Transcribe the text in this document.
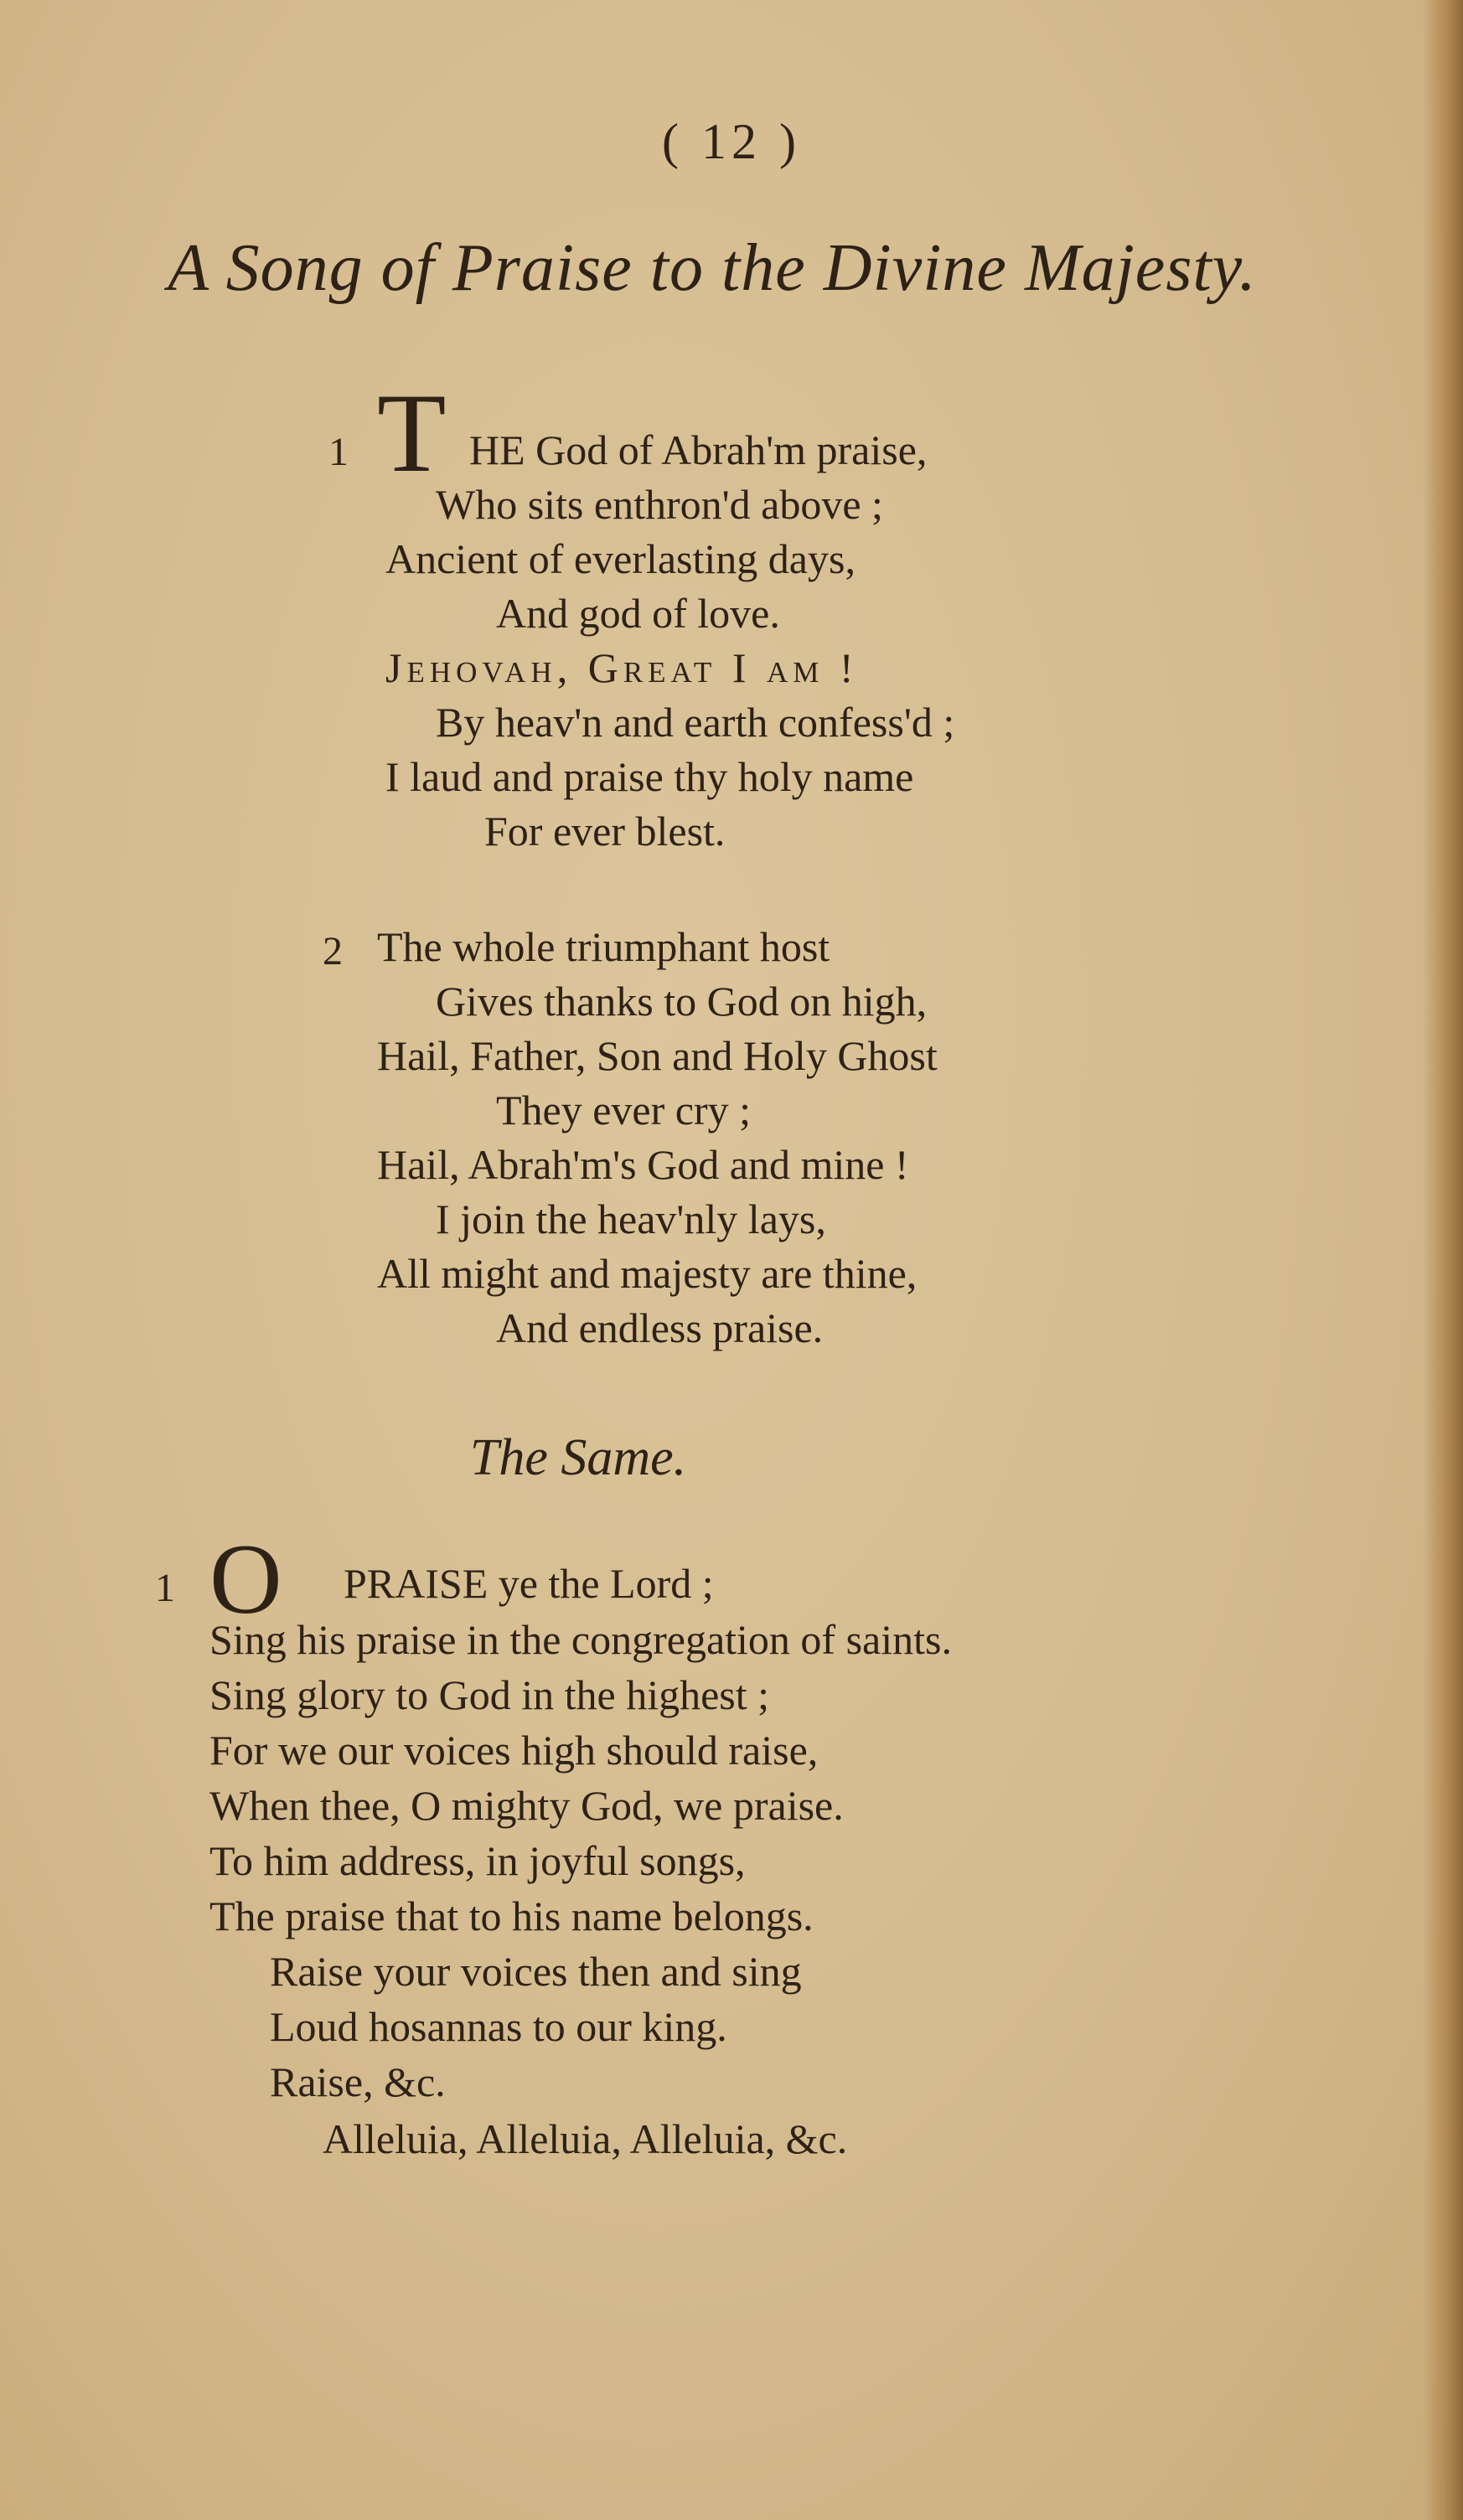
( 12 )
A Song of Praise to the Divine Majesty.
1 T HE God of Abrah'm praise,
Who sits enthron'd above ;
Ancient of everlasting days,
And god of love.
Jehovah, Great I am !
By heav'n and earth confess'd ;
I laud and praise thy holy name
For ever blest.
2 The whole triumphant host
Gives thanks to God on high,
Hail, Father, Son and Holy Ghost
They ever cry ;
Hail, Abrah'm's God and mine !
I join the heav'nly lays,
All might and majesty are thine,
And endless praise.
The Same.
1 O PRAISE ye the Lord ;
Sing his praise in the congregation of saints.
Sing glory to God in the highest ;
For we our voices high should raise,
When thee, O mighty God, we praise.
To him address, in joyful songs,
The praise that to his name belongs.
Raise your voices then and sing
Loud hosannas to our king.
Raise, &c.
Alleluia, Alleluia, Alleluia, &c.
